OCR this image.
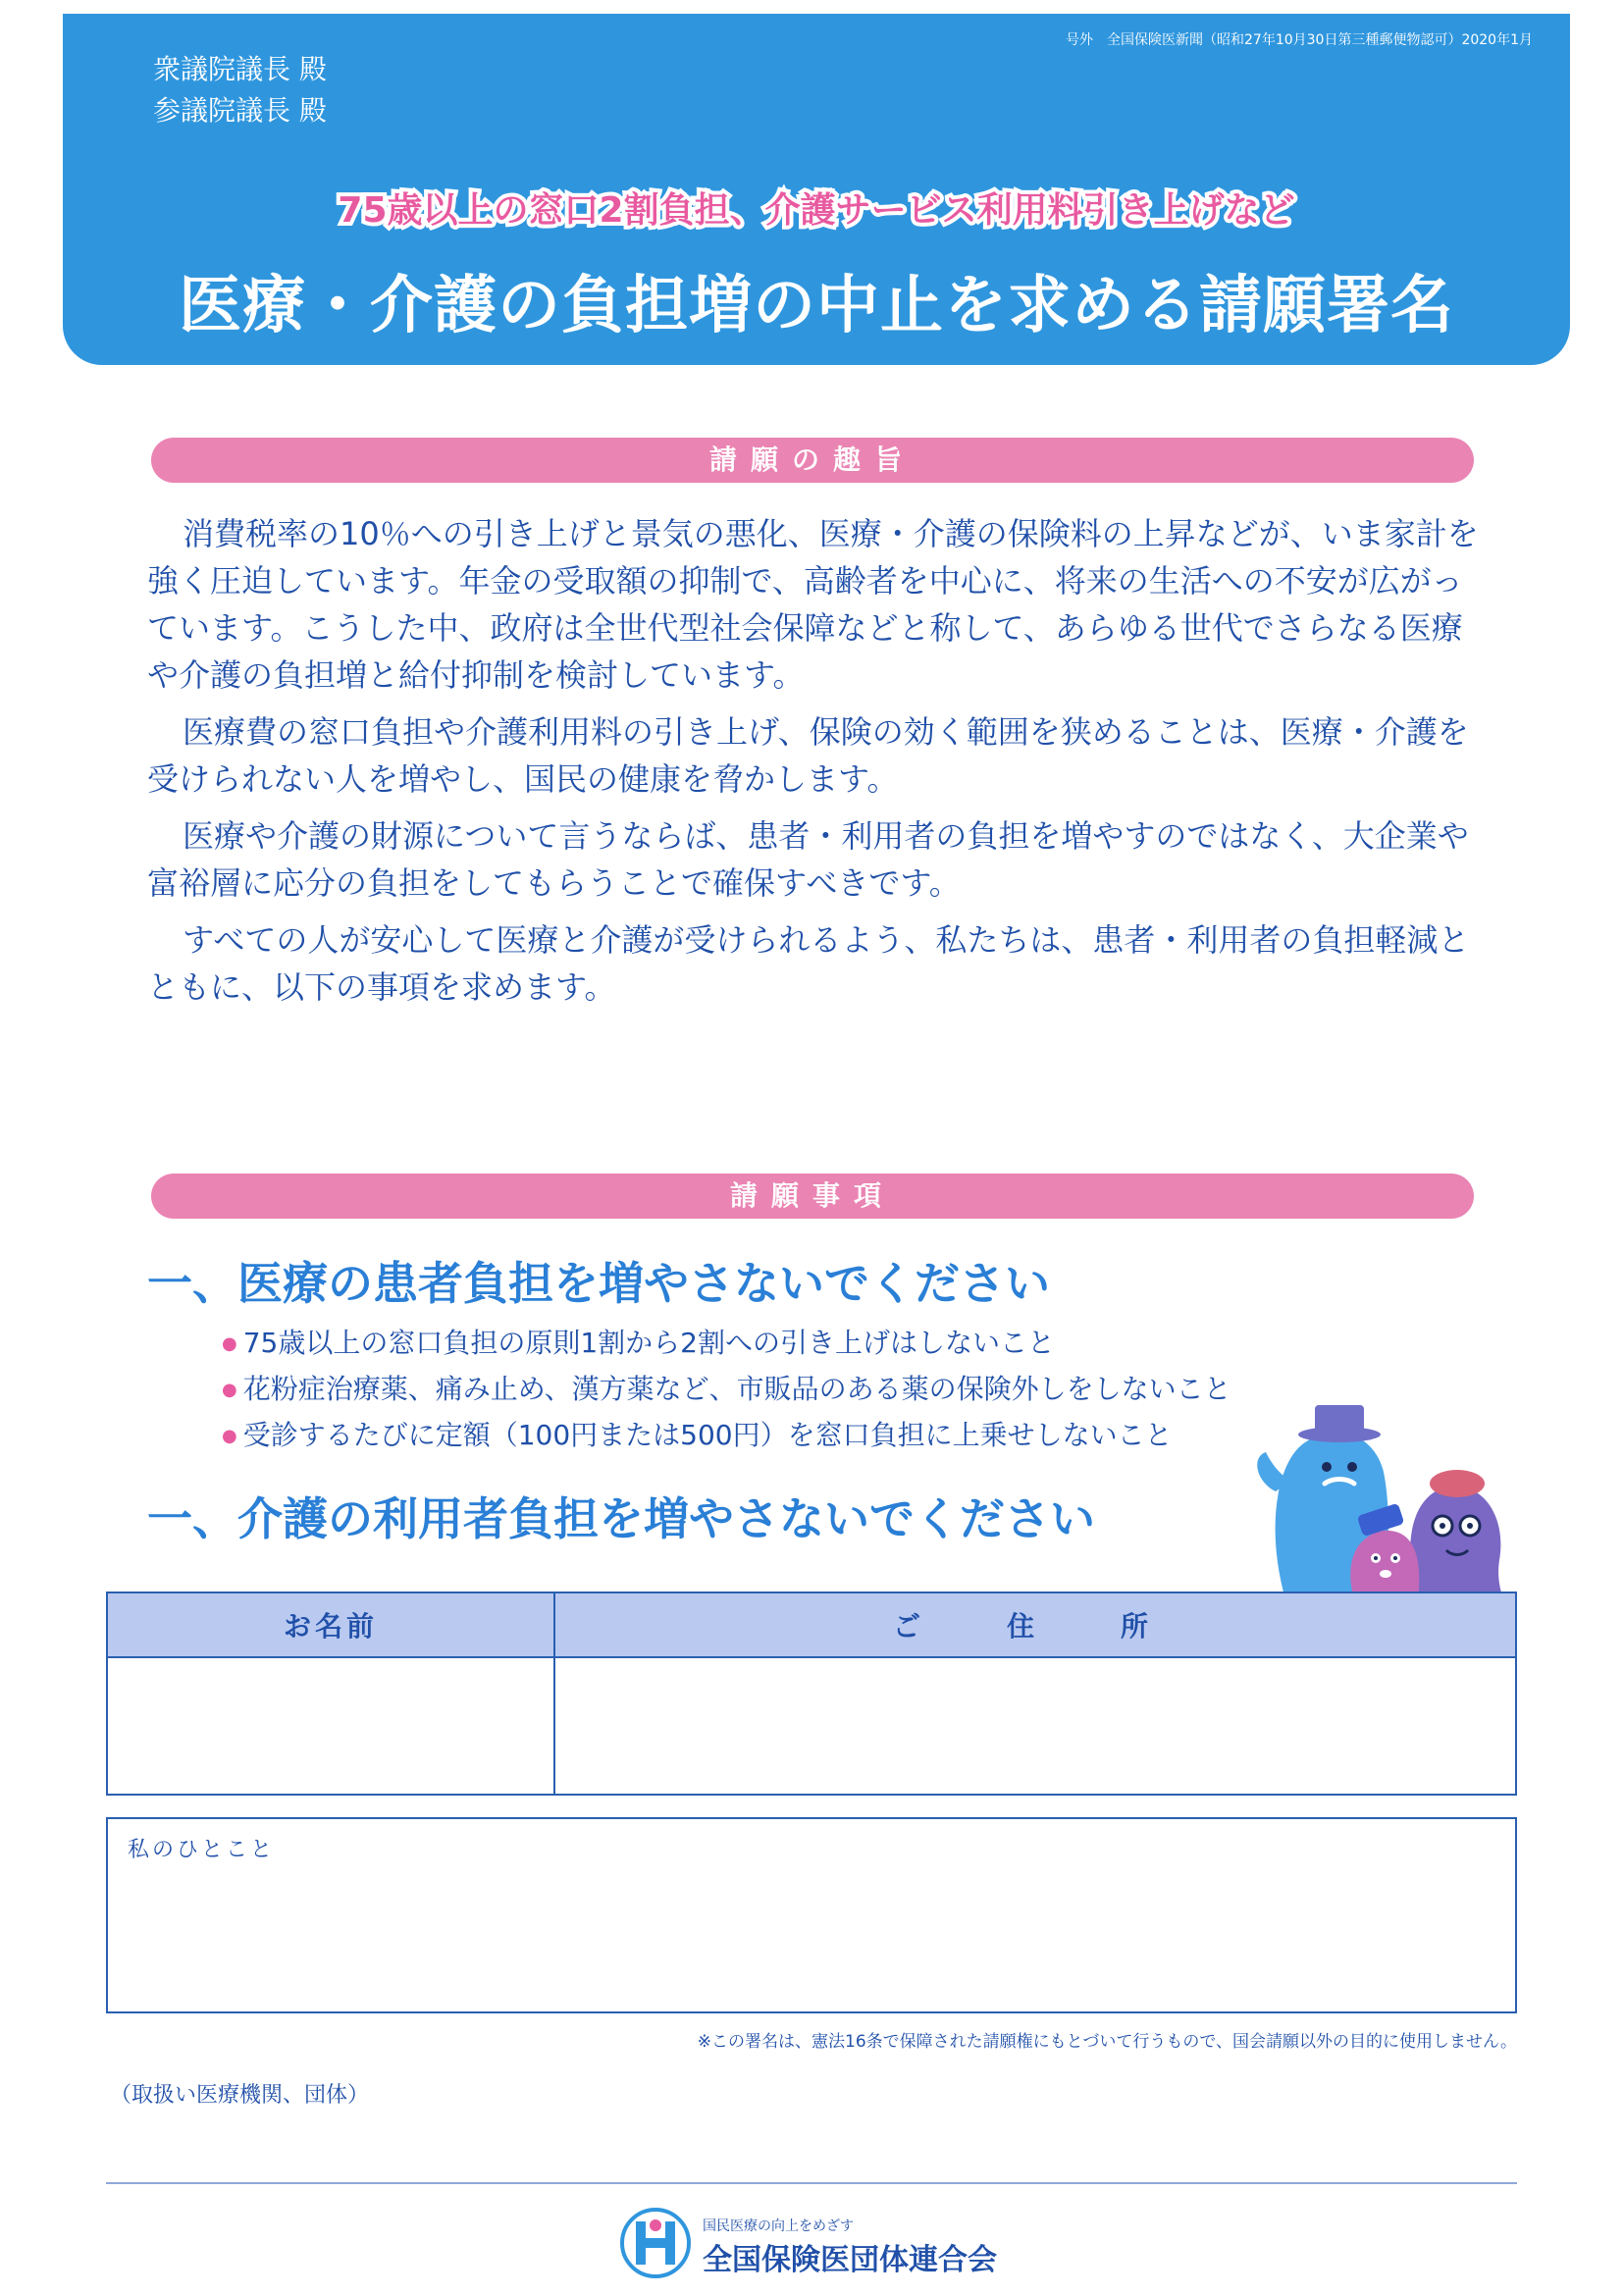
衆議院議長 殿
参議院議長 殿
号外　全国保険医新聞（昭和27年10月30日第三種郵便物認可）2020年1月
75歳以上の窓口2割負担、介護サービス利用料引き上げなど
医療・介護の負担増の中止を求める請願署名
請願の趣旨

消費税率の10％への引き上げと景気の悪化、医療・介護の保険料の上昇などが、いま家計を強く圧迫しています。年金の受取額の抑制で、高齢者を中心に、将来の生活への不安が広がっています。こうした中、政府は全世代型社会保障などと称して、あらゆる世代でさらなる医療や介護の負担増と給付抑制を検討しています。

医療費の窓口負担や介護利用料の引き上げ、保険の効く範囲を狭めることは、医療・介護を受けられない人を増やし、国民の健康を脅かします。

医療や介護の財源について言うならば、患者・利用者の負担を増やすのではなく、大企業や富裕層に応分の負担をしてもらうことで確保すべきです。

すべての人が安心して医療と介護が受けられるよう、私たちは、患者・利用者の負担軽減とともに、以下の事項を求めます。

請願事項
一、医療の患者負担を増やさないでください
● 75歳以上の窓口負担の原則1割から2割への引き上げはしないこと
● 花粉症治療薬、痛み止め、漢方薬など、市販品のある薬の保険外しをしないこと
● 受診するたびに定額（100円または500円）を窓口負担に上乗せしないこと
一、介護の利用者負担を増やさないでください
お名前	ご　住　所

私のひとこと
※この署名は、憲法16条で保障された請願権にもとづいて行うもので、国会請願以外の目的に使用しません。
（取扱い医療機関、団体）
国民医療の向上をめざす
全国保険医団体連合会
